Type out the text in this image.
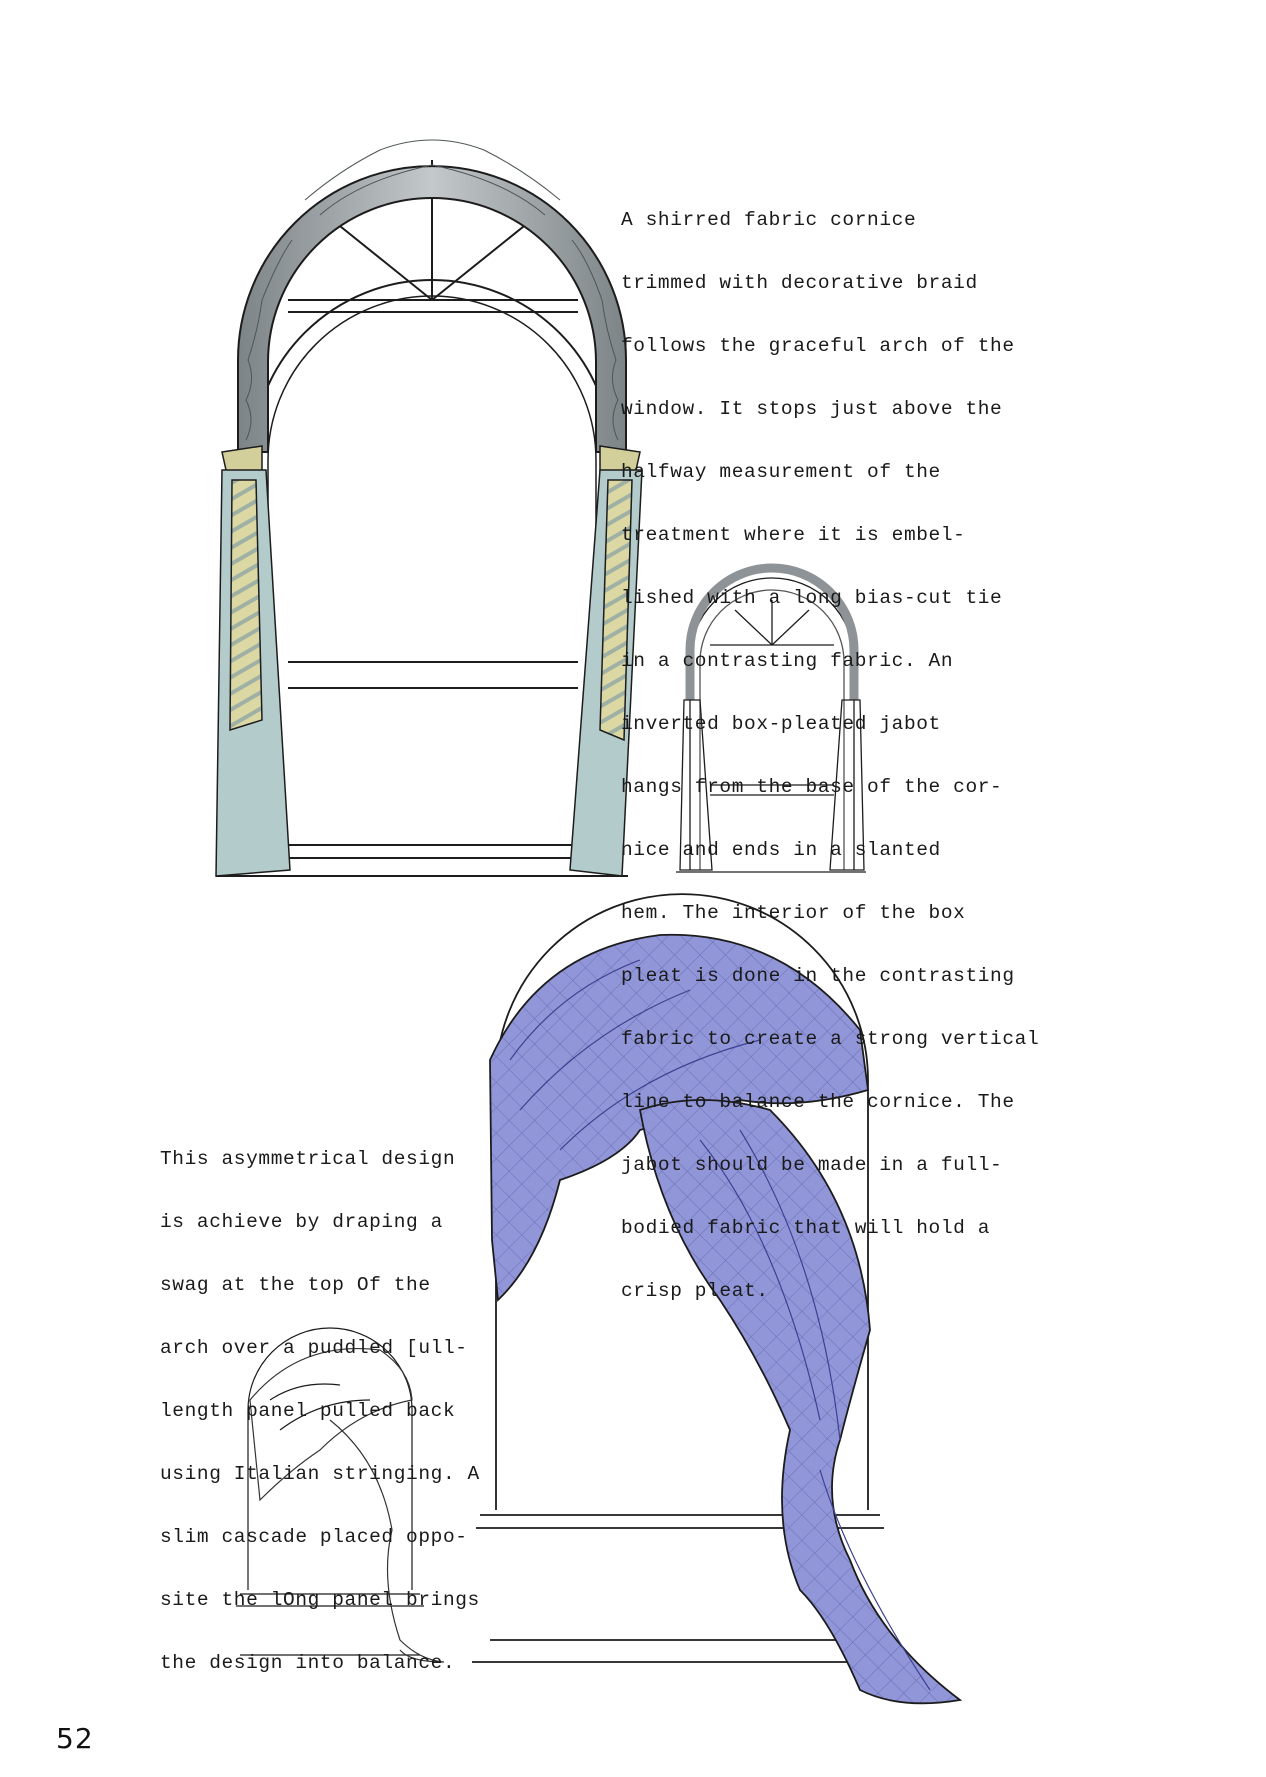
A shirred fabric cornice

trimmed with decorative braid

follows the graceful arch of the

window. It stops just above the

halfway measurement of the

treatment where it is embel-

lished with a long bias-cut tie

in a contrasting fabric. An

inverted box-pleated jabot

hangs from the base of the cor-

nice and ends in a slanted

hem. The interior of the box

pleat is done in the contrasting

fabric to create a strong vertical

line to balance the cornice. The

jabot should be made in a full-

bodied fabric that will hold a

crisp pleat.

This asymmetrical design

is achieve by draping a

swag at the top Of the

arch over a puddled [ull-

length panel pulled back

using Italian stringing. A

slim cascade placed oppo-

site the lOng panel brings

the design into balance.

52
